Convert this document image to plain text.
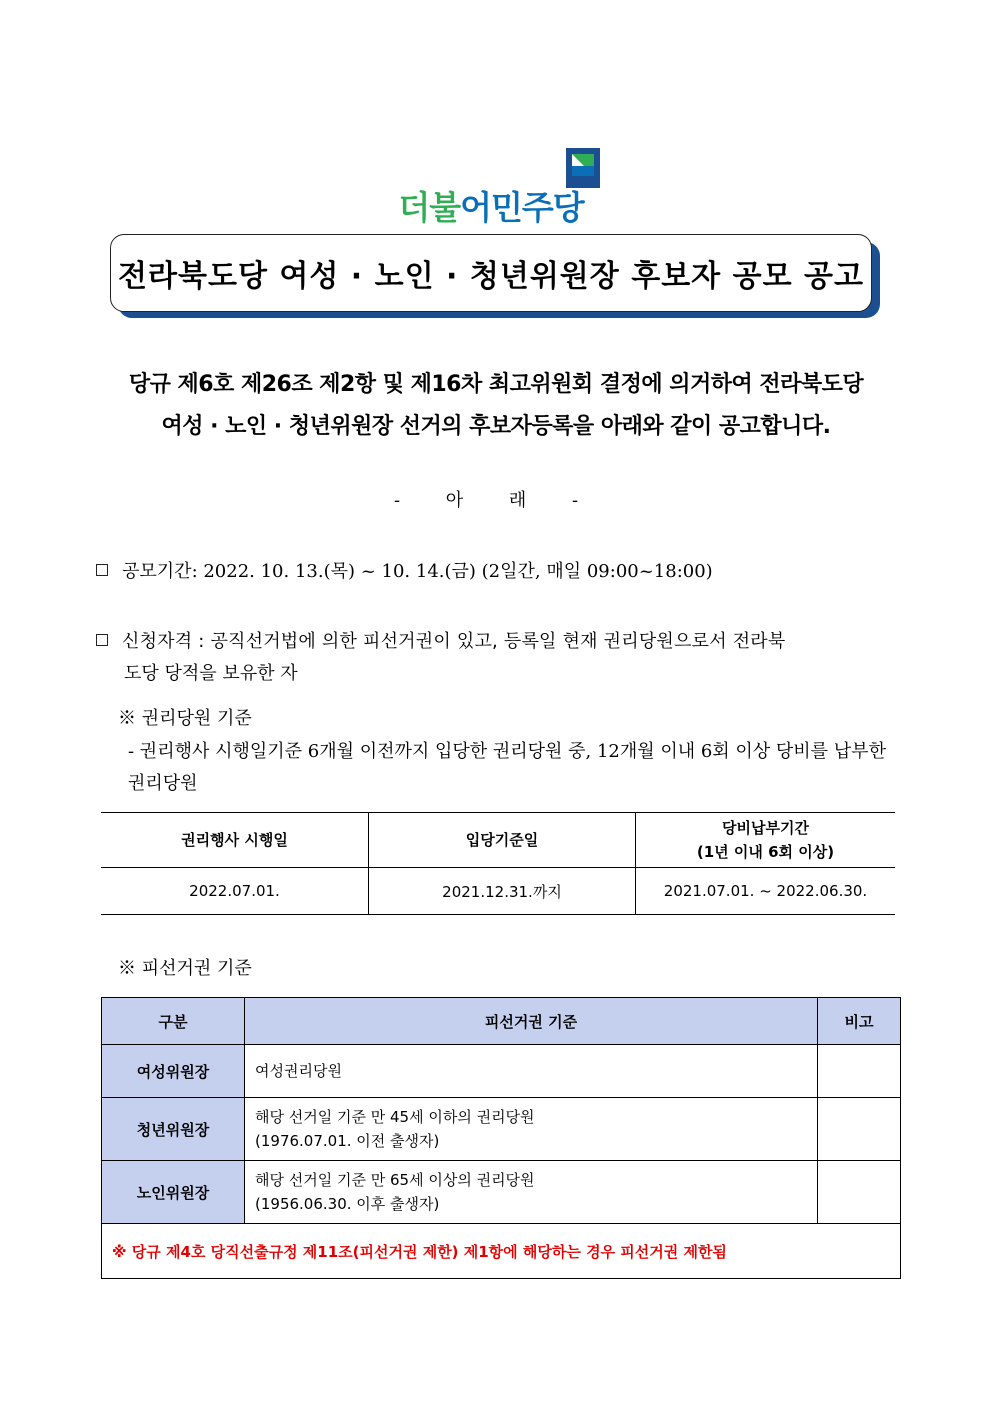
더불어민주당
전라북도당 여성 · 노인 · 청년위원장 후보자 공모 공고
당규 제6호 제26조 제2항 및 제16차 최고위원회 결정에 의거하여 전라북도당
여성 · 노인 · 청년위원장 선거의 후보자등록을 아래와 같이 공고합니다.
- 아 래 -
공모기간: 2022. 10. 13.(목) ~ 10. 14.(금) (2일간, 매일 09:00~18:00)
신청자격 : 공직선거법에 의한 피선거권이 있고, 등록일 현재 권리당원으로서 전라북
도당 당적을 보유한 자
※ 권리당원 기준
- 권리행사 시행일기준 6개월 이전까지 입당한 권리당원 중, 12개월 이내 6회 이상 당비를 납부한 권리당원
권리행사 시행일	입당기준일	당비납부기간
(1년 이내 6회 이상)

2022.07.01.	2021.12.31.까지	2021.07.01. ~ 2022.06.30.
※ 피선거권 기준
구분	피선거권 기준	비고
여성위원장	여성권리당원	

청년위원장	해당 선거일 기준 만 45세 이하의 권리당원
(1976.07.01. 이전 출생자)	

노인위원장	해당 선거일 기준 만 65세 이상의 권리당원
(1956.06.30. 이후 출생자)	

※ 당규 제4호 당직선출규정 제11조(피선거권 제한) 제1항에 해당하는 경우 피선거권 제한됨		
